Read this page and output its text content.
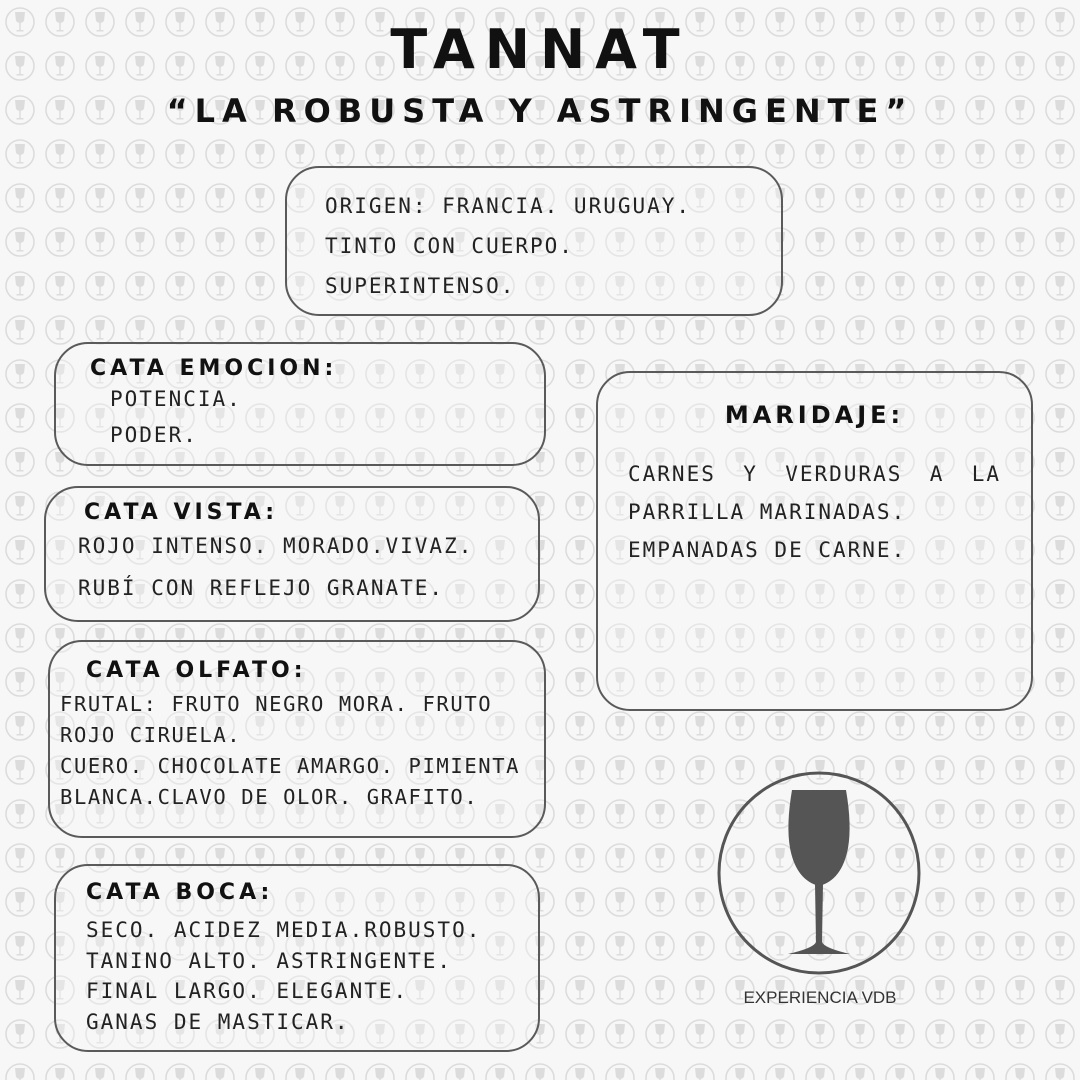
TANNAT
“LA ROBUSTA Y ASTRINGENTE”
ORIGEN: FRANCIA. URUGUAY.
TINTO CON CUERPO.
SUPERINTENSO.
CATA EMOCION:
POTENCIA.
PODER.
CATA VISTA:
ROJO INTENSO. MORADO.VIVAZ.
RUBÍ CON REFLEJO GRANATE.
CATA OLFATO:
FRUTAL: FRUTO NEGRO MORA. FRUTO ROJO CIRUELA.
CUERO. CHOCOLATE AMARGO. PIMIENTA BLANCA.CLAVO DE OLOR. GRAFITO.
CATA BOCA:
SECO. ACIDEZ MEDIA.ROBUSTO.
TANINO ALTO. ASTRINGENTE.
FINAL LARGO. ELEGANTE.
GANAS DE MASTICAR.
MARIDAJE:
CARNES Y VERDURAS A LA PARRILLA MARINADAS.
EMPANADAS DE CARNE.
EXPERIENCIA VDB
